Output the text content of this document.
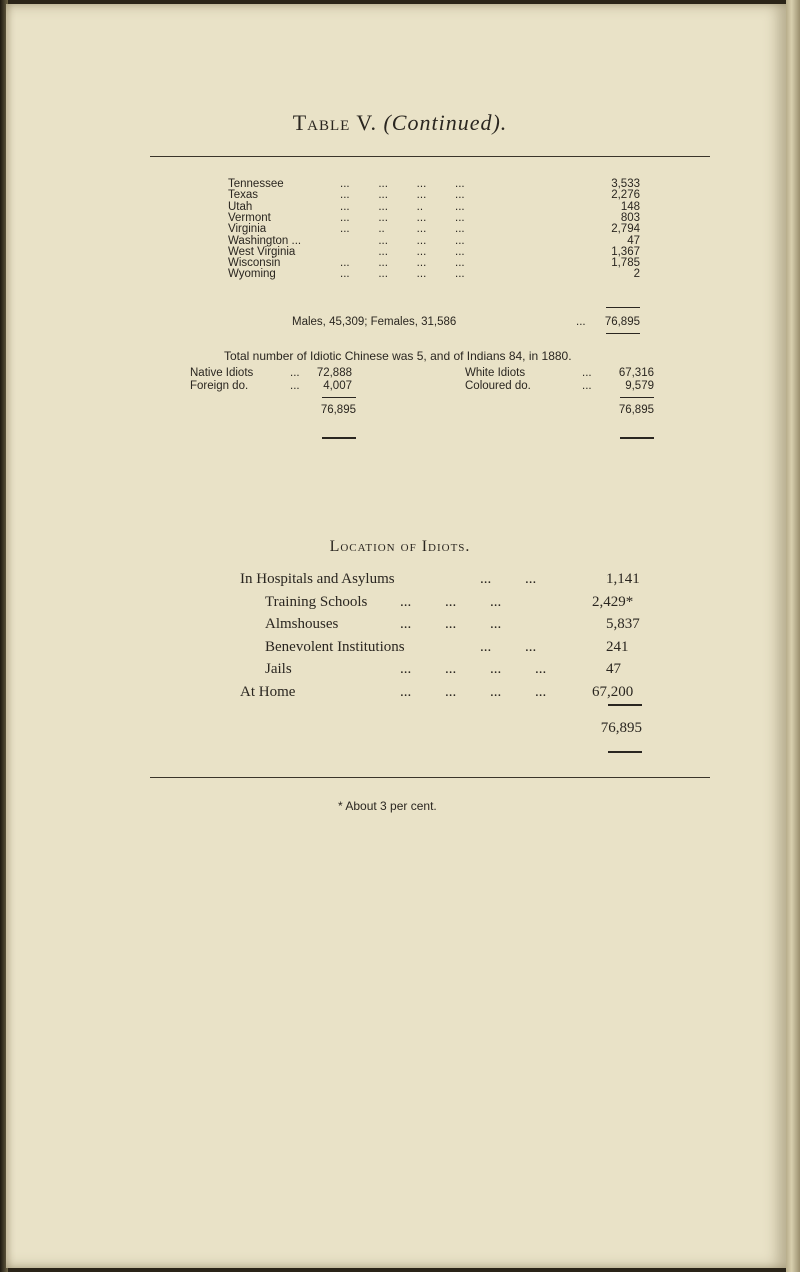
Table V. (Continued).
Tennessee	...         ...         ...         ...	3,533
Texas	...         ...         ...         ...	2,276
Utah	...         ...         ..          ...	148
Vermont	...         ...         ...         ...	803
Virginia	...         ..          ...         ...	2,794
Washington ...	...         ...         ...	47
West Virginia	...         ...         ...	1,367
Wisconsin	...         ...         ...         ...	1,785
Wyoming	...         ...         ...         ...	2
Males, 45,309; Females, 31,586	...	76,895
Total number of Idiotic Chinese was 5, and of Indians 84, in 1880.
Native Idiots	...	72,888	White Idiots	...	67,316
Foreign do.	...	4,007	Coloured do.	...	9,579
76,895	76,895
Location of Idiots.
In Hospitals and Asylums	...         ...	1,141
Training Schools ...         ...         ...	2,429*
Almshouses	...         ...         ...	5,837
Benevolent Institutions	...         ...	241
Jails	...         ...         ...         ...	47
At Home	...         ...         ...         ...	67,200
76,895
* About 3 per cent.
